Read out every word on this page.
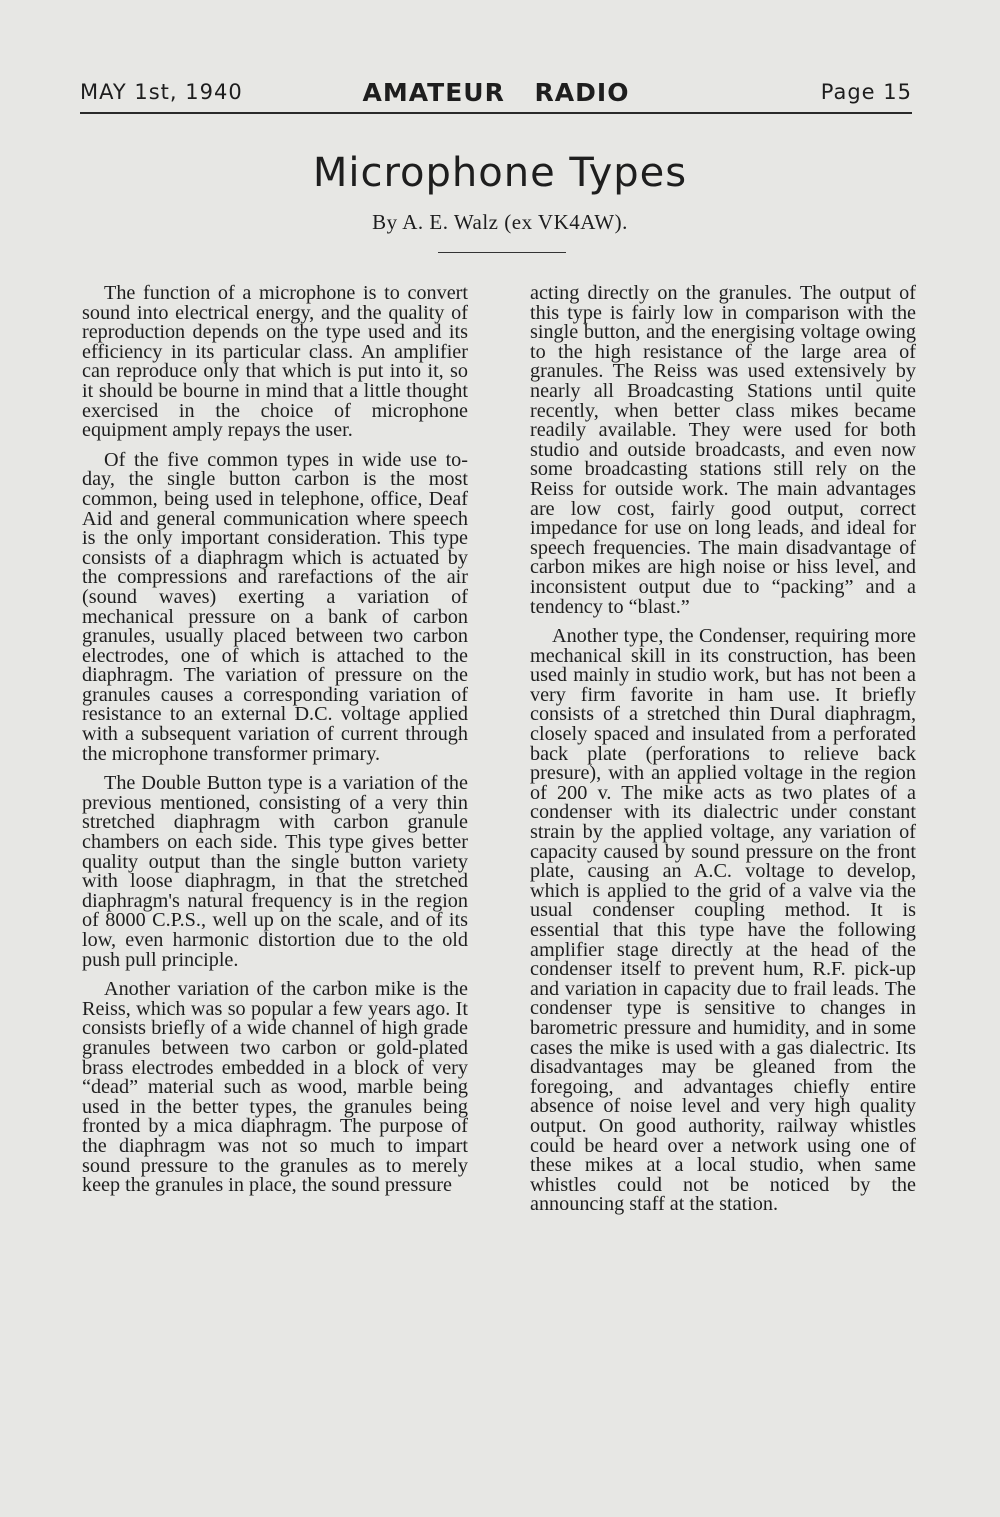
MAY 1st, 1940	AMATEUR RADIO	Page 15
Microphone Types
By A. E. Walz (ex VK4AW).

The function of a microphone is to convert sound into electrical energy, and the quality of reproduction depends on the type used and its efficiency in its particular class. An amplifier can reproduce only that which is put into it, so it should be bourne in mind that a little thought exercised in the choice of microphone equipment amply repays the user.

Of the five common types in wide use to-day, the single button carbon is the most common, being used in telephone, office, Deaf Aid and general communication where speech is the only important consideration. This type consists of a diaphragm which is actuated by the compressions and rarefactions of the air (sound waves) exerting a variation of mechanical pressure on a bank of carbon granules, usually placed between two carbon electrodes, one of which is attached to the diaphragm. The variation of pressure on the granules causes a corresponding variation of resistance to an external D.C. voltage applied with a subsequent variation of current through the microphone transformer primary.

The Double Button type is a variation of the previous mentioned, consisting of a very thin stretched diaphragm with carbon granule chambers on each side. This type gives better quality output than the single button variety with loose diaphragm, in that the stretched diaphragm's natural frequency is in the region of 8000 C.P.S., well up on the scale, and of its low, even harmonic distortion due to the old push pull principle.

Another variation of the carbon mike is the Reiss, which was so popular a few years ago. It consists briefly of a wide channel of high grade granules between two carbon or gold-plated brass electrodes embedded in a block of very “dead” material such as wood, marble being used in the better types, the granules being fronted by a mica diaphragm. The purpose of the diaphragm was not so much to impart sound pressure to the granules as to merely keep the granules in place, the sound pressure

acting directly on the granules. The output of this type is fairly low in comparison with the single button, and the energising voltage owing to the high resistance of the large area of granules. The Reiss was used extensively by nearly all Broadcasting Stations until quite recently, when better class mikes became readily available. They were used for both studio and outside broadcasts, and even now some broadcasting stations still rely on the Reiss for outside work. The main advantages are low cost, fairly good output, correct impedance for use on long leads, and ideal for speech frequencies. The main disadvantage of carbon mikes are high noise or hiss level, and inconsistent output due to “packing” and a tendency to “blast.”

Another type, the Condenser, requiring more mechanical skill in its construction, has been used mainly in studio work, but has not been a very firm favorite in ham use. It briefly consists of a stretched thin Dural diaphragm, closely spaced and insulated from a perforated back plate (perforations to relieve back presure), with an applied voltage in the region of 200 v. The mike acts as two plates of a condenser with its dialectric under constant strain by the applied voltage, any variation of capacity caused by sound pressure on the front plate, causing an A.C. voltage to develop, which is applied to the grid of a valve via the usual condenser coupling method. It is essential that this type have the following amplifier stage directly at the head of the condenser itself to prevent hum, R.F. pick-up and variation in capacity due to frail leads. The condenser type is sensitive to changes in barometric pressure and humidity, and in some cases the mike is used with a gas dialectric. Its disadvantages may be gleaned from the foregoing, and advantages chiefly entire absence of noise level and very high quality output. On good authority, railway whistles could be heard over a network using one of these mikes at a local studio, when same whistles could not be noticed by the announcing staff at the station.
